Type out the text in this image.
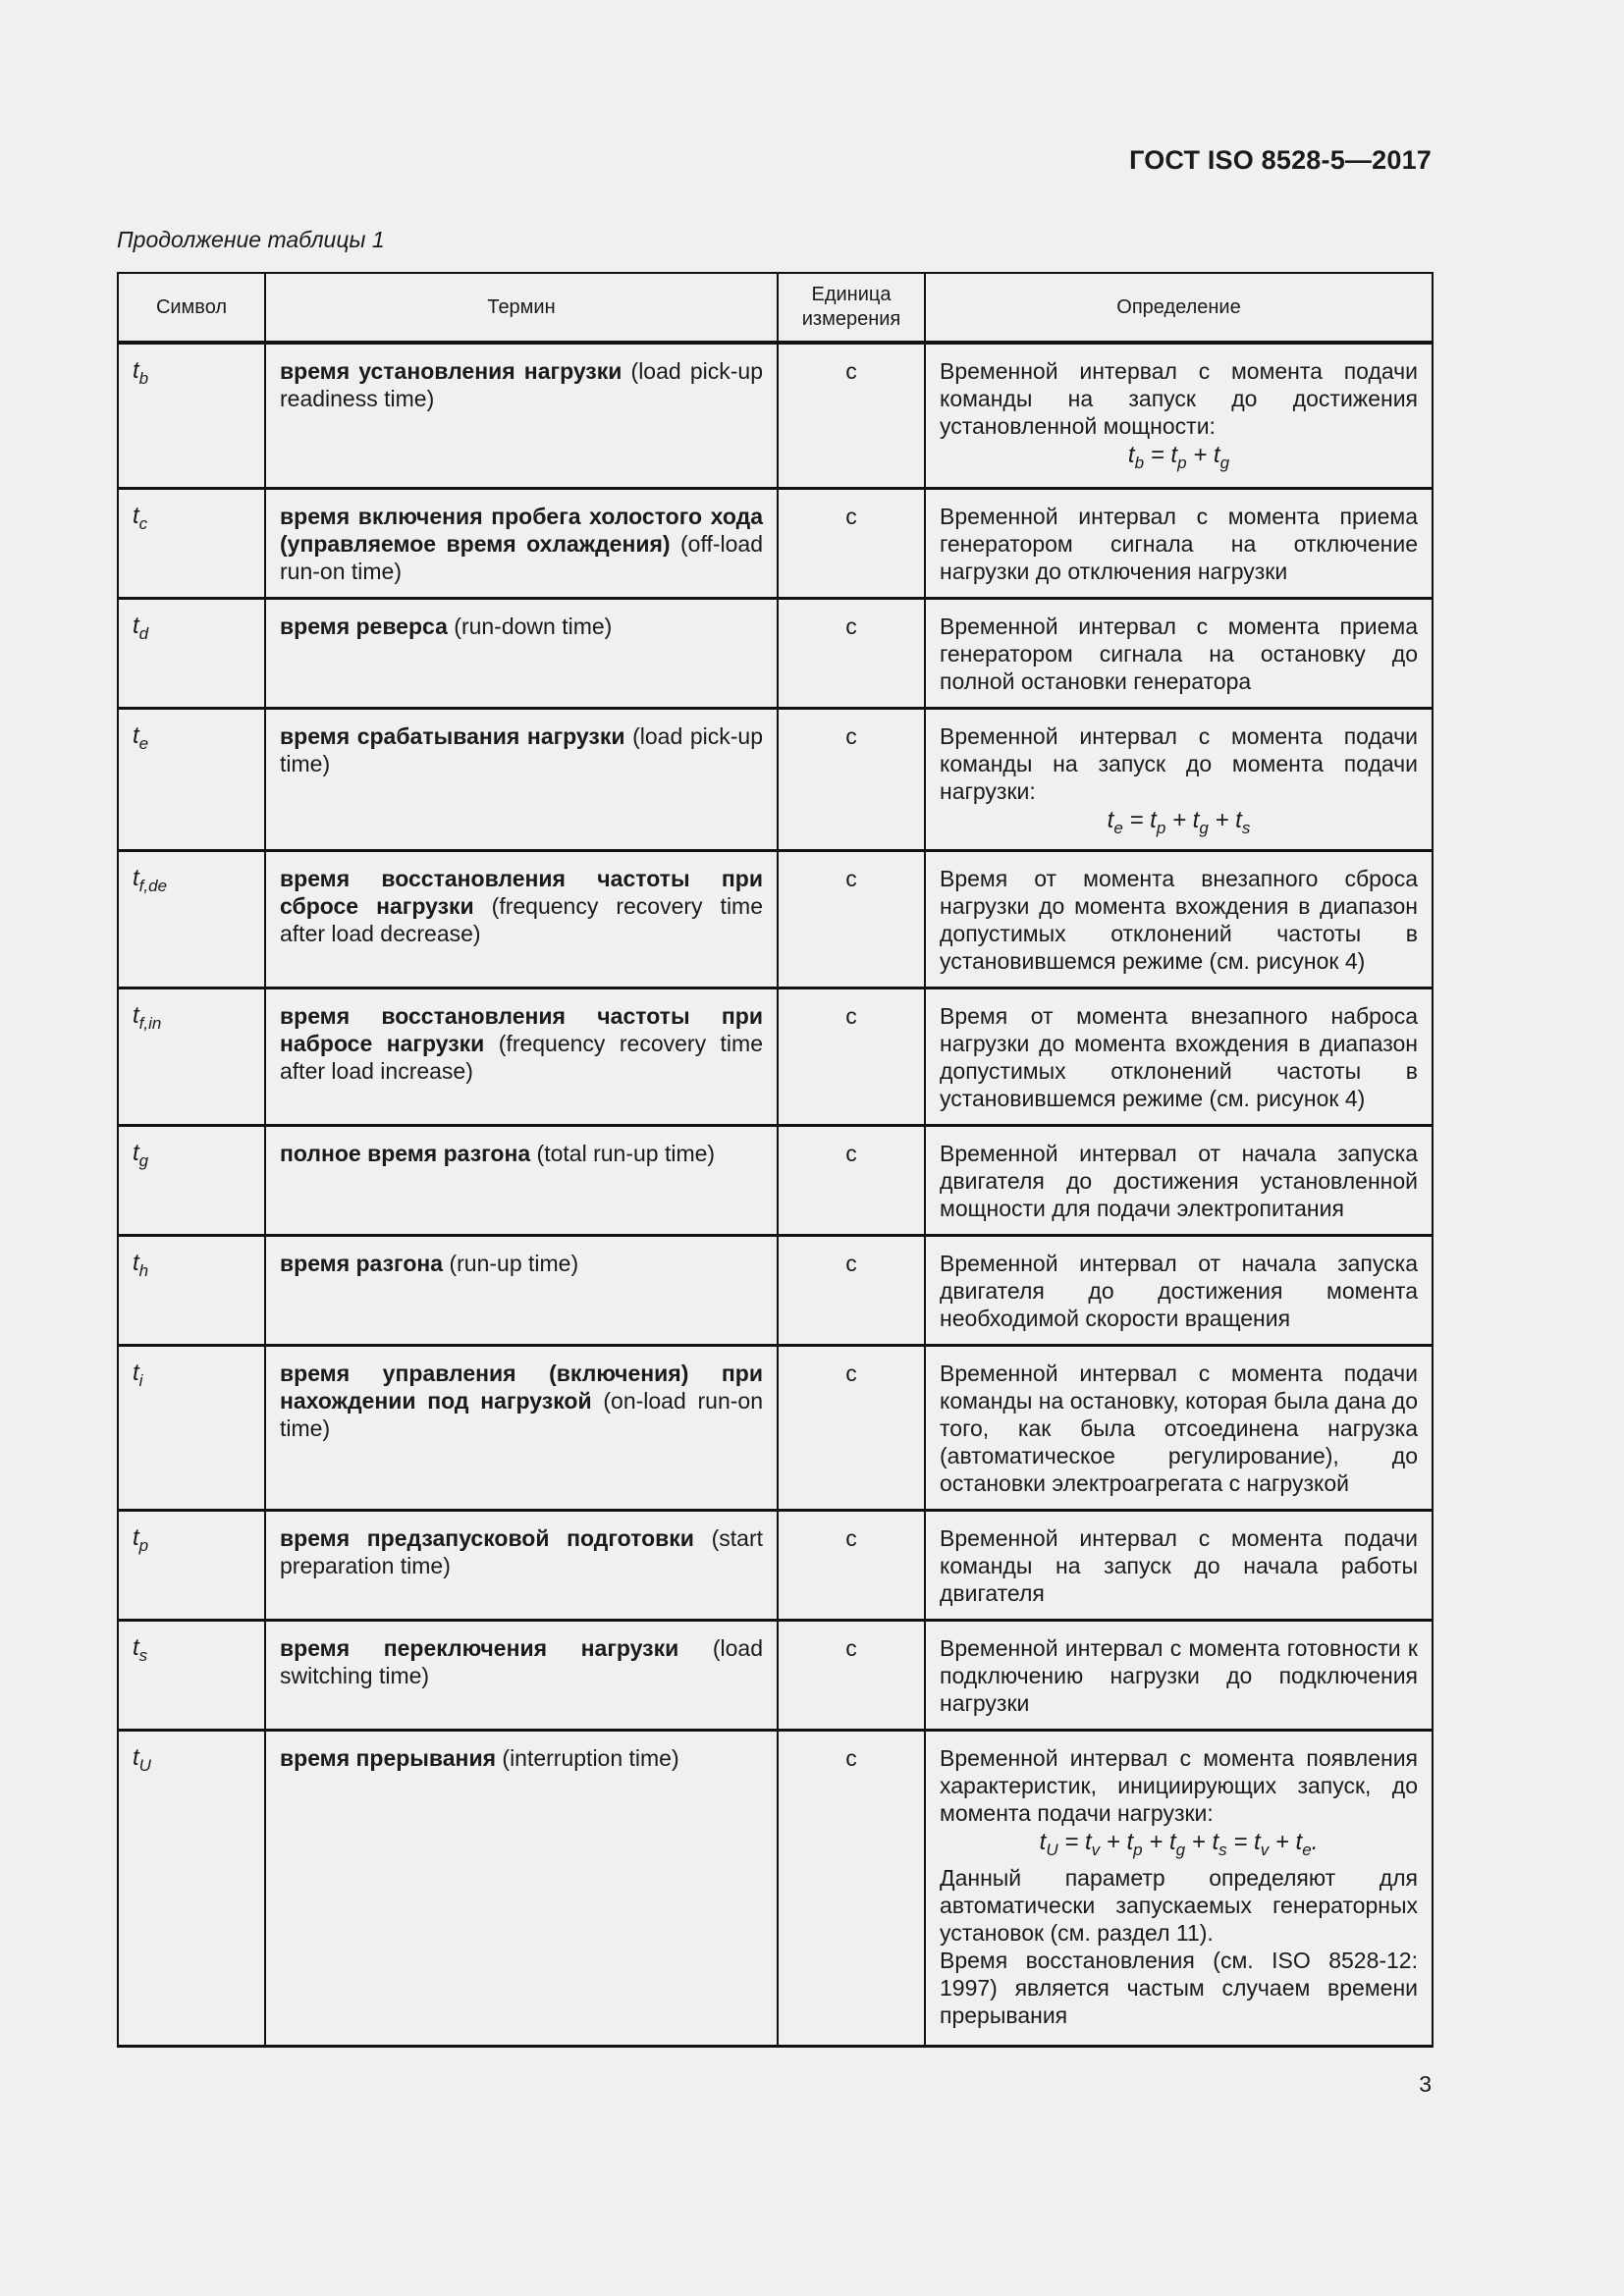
ГОСТ ISO 8528-5—2017
Продолжение таблицы 1
Символ	Термин	Единица измерения	Определение
$t_b$	время установления нагрузки (load pick-up readiness time)	с	Временной интервал с момента подачи команды на запуск до достижения установленной мощности:
$t_b = t_p + t_g$

$t_c$	время включения пробега холостого хода (управляемое время охлаждения) (off-load run-on time)	с	Временной интервал с момента приема генератором сигнала на отключение нагрузки до отключения нагрузки

$t_d$	время реверса (run-down time)	с	Временной интервал с момента приема генератором сигнала на остановку до полной остановки генератора

$t_e$	время срабатывания нагрузки (load pick-up time)	с	Временной интервал с момента подачи команды на запуск до момента подачи нагрузки:
$t_e = t_p + t_g + t_s$

$t_{f,de}$	время восстановления частоты при сбросе нагрузки (frequency recovery time after load decrease)	с	Время от момента внезапного сброса нагрузки до момента вхождения в диапазон допустимых отклонений частоты в установившемся режиме (см. рисунок 4)

$t_{f,in}$	время восстановления частоты при набросе нагрузки (frequency recovery time after load increase)	с	Время от момента внезапного наброса нагрузки до момента вхождения в диапазон допустимых отклонений частоты в установившемся режиме (см. рисунок 4)

$t_g$	полное время разгона (total run-up time)	с	Временной интервал от начала запуска двигателя до достижения установленной мощности для подачи электропитания

$t_h$	время разгона (run-up time)	с	Временной интервал от начала запуска двигателя до достижения момента необходимой скорости вращения

$t_i$	время управления (включения) при нахождении под нагрузкой (on-load run-on time)	с	Временной интервал с момента подачи команды на остановку, которая была дана до того, как была отсоединена нагрузка (автоматическое регулирование), до остановки электроагрегата с нагрузкой

$t_p$	время предзапусковой подготовки (start preparation time)	с	Временной интервал с момента подачи команды на запуск до начала работы двигателя

$t_s$	время переключения нагрузки (load switching time)	с	Временной интервал с момента готовности к подключению нагрузки до подключения нагрузки

$t_U$	время прерывания (interruption time)	с	Временной интервал с момента появления характеристик, инициирующих запуск, до момента подачи нагрузки:
$t_U = t_v + t_p + t_g + t_s = t_v + t_e$.
Данный параметр определяют для автоматически запускаемых генераторных установок (см. раздел 11).
Время восстановления (см. ISO 8528-12: 1997) является частым случаем времени прерывания
3
